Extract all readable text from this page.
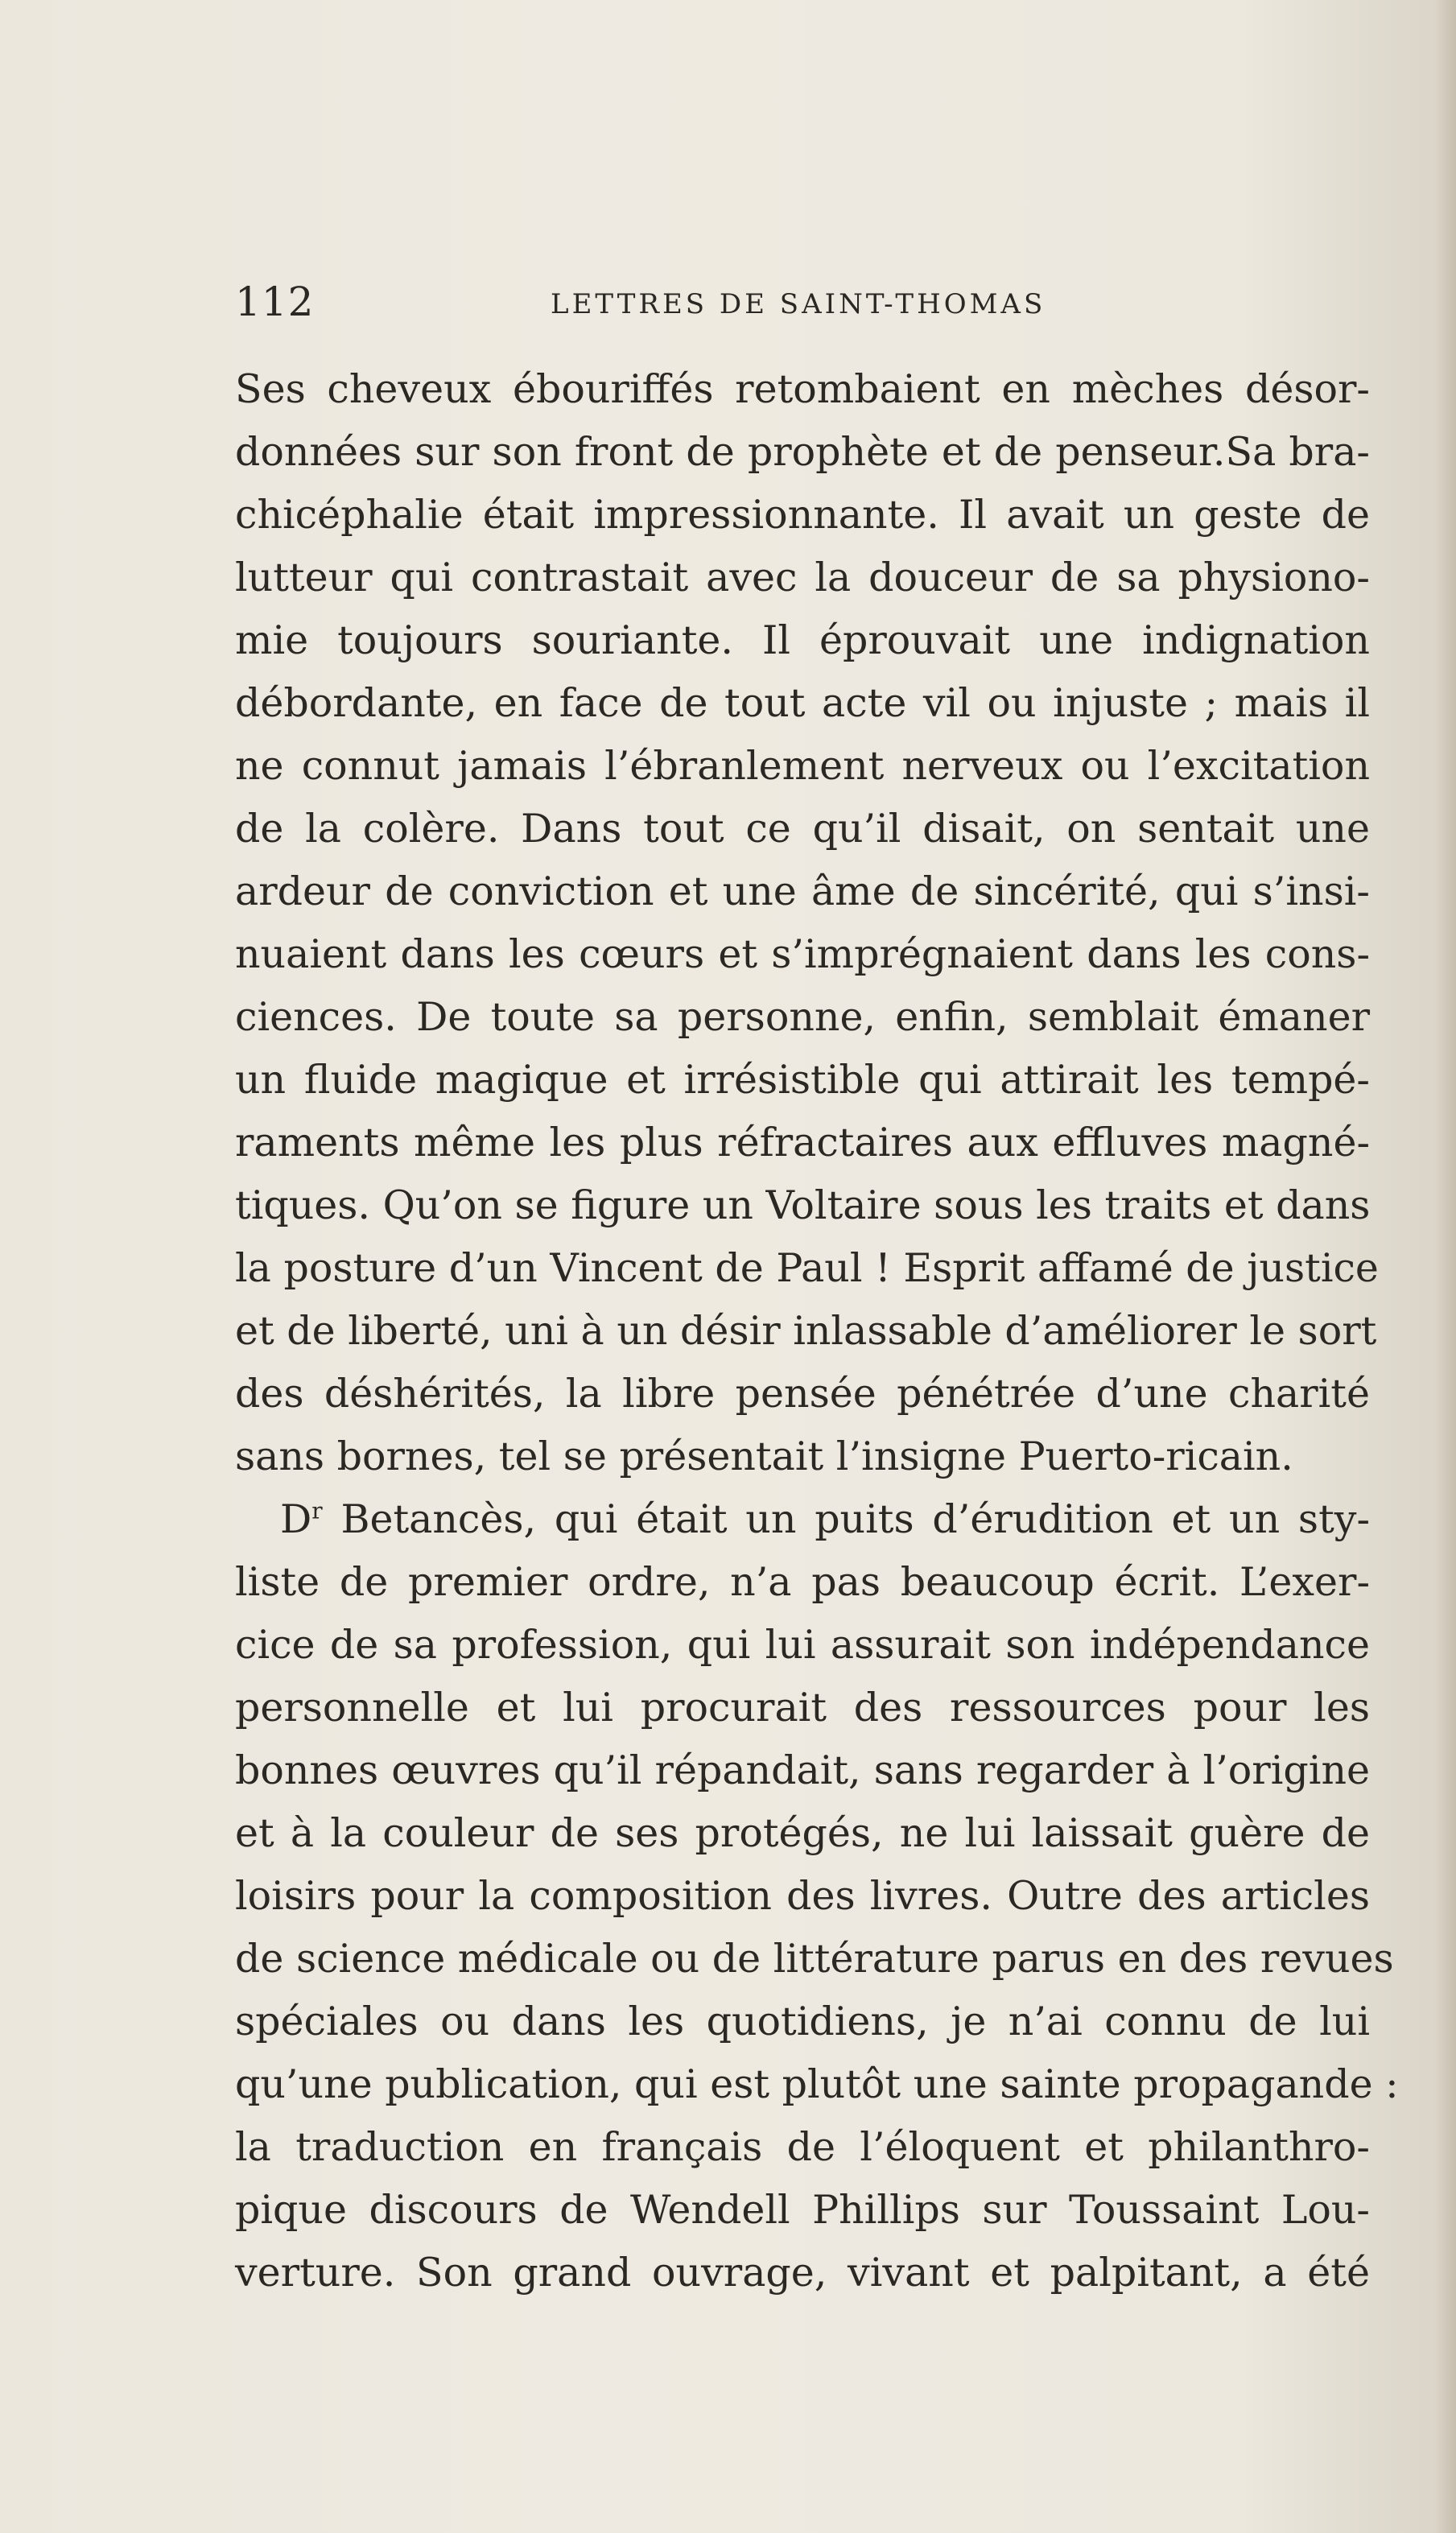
112	LETTRES DE SAINT-THOMAS
Ses cheveux ébouriffés retombaient en mèches désor-
données sur son front de prophète et de penseur.Sa bra-
chicéphalie était impressionnante. Il avait un geste de
lutteur qui contrastait avec la douceur de sa physiono-
mie toujours souriante. Il éprouvait une indignation
débordante, en face de tout acte vil ou injuste ; mais il
ne connut jamais l’ébranlement nerveux ou l’excitation
de la colère. Dans tout ce qu’il disait, on sentait une
ardeur de conviction et une âme de sincérité, qui s’insi-
nuaient dans les cœurs et s’imprégnaient dans les cons-
ciences. De toute sa personne, enfin, semblait émaner
un fluide magique et irrésistible qui attirait les tempé-
raments même les plus réfractaires aux effluves magné-
tiques. Qu’on se figure un Voltaire sous les traits et dans
la posture d’un Vincent de Paul ! Esprit affamé de justice
et de liberté, uni à un désir inlassable d’améliorer le sort
des déshérités, la libre pensée pénétrée d’une charité
sans bornes, tel se présentait l’insigne Puerto-ricain.
$D^r$ Betancès, qui était un puits d’érudition et un sty-
liste de premier ordre, n’a pas beaucoup écrit. L’exer-
cice de sa profession, qui lui assurait son indépendance
personnelle et lui procurait des ressources pour les
bonnes œuvres qu’il répandait, sans regarder à l’origine
et à la couleur de ses protégés, ne lui laissait guère de
loisirs pour la composition des livres. Outre des articles
de science médicale ou de littérature parus en des revues
spéciales ou dans les quotidiens, je n’ai connu de lui
qu’une publication, qui est plutôt une sainte propagande :
la traduction en français de l’éloquent et philanthro-
pique discours de Wendell Phillips sur Toussaint Lou-
verture. Son grand ouvrage, vivant et palpitant, a été
